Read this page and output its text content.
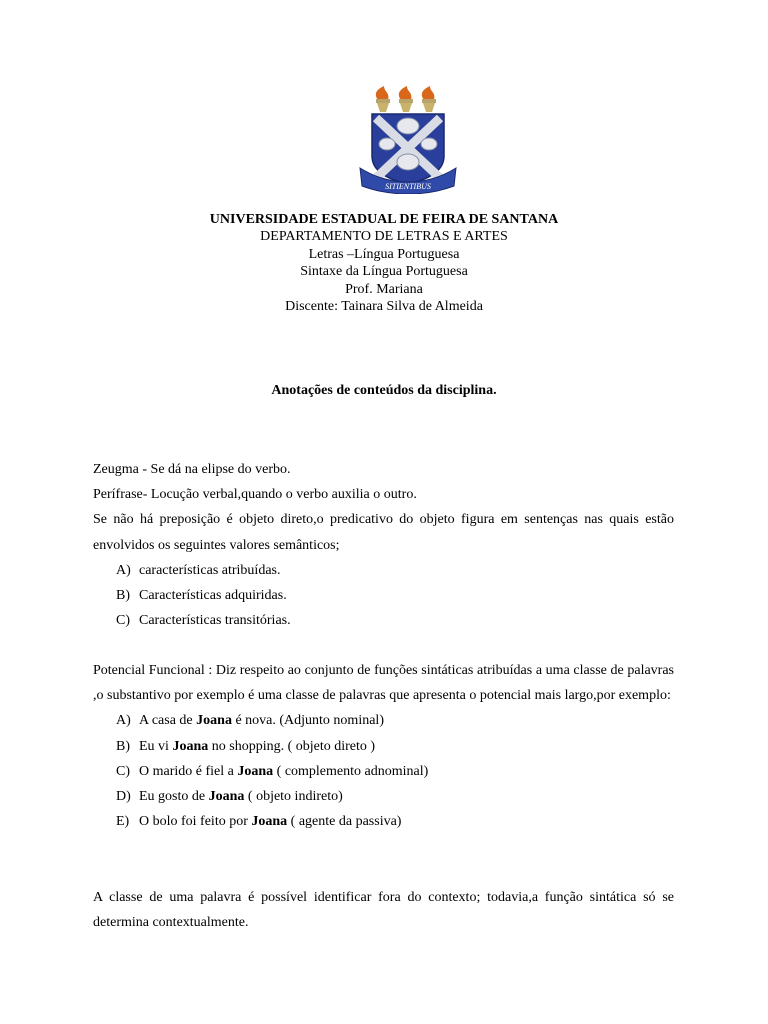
SITIENTIBUS
UNIVERSIDADE ESTADUAL DE FEIRA DE SANTANA
DEPARTAMENTO DE LETRAS E ARTES
Letras –Língua Portuguesa
Sintaxe da Língua Portuguesa
Prof. Mariana
Discente: Tainara Silva de Almeida
Anotações de conteúdos da disciplina.

Zeugma - Se dá na elipse do verbo.

Perífrase- Locução verbal,quando o verbo auxilia o outro.

Se não há preposição é objeto direto,o predicativo do objeto figura em sentenças nas quais estão envolvidos os seguintes valores semânticos;

A) características atribuídas.
B) Características adquiridas.
C) Características transitórias.

Potencial Funcional : Diz respeito ao conjunto de funções sintáticas atribuídas a uma classe de palavras ,o substantivo por exemplo é uma classe de palavras que apresenta o potencial mais largo,por exemplo:

A) A casa de Joana é nova. (Adjunto nominal)
B) Eu vi Joana no shopping. ( objeto direto )
C) O marido é fiel a Joana ( complemento adnominal)
D) Eu gosto de Joana ( objeto indireto)
E) O bolo foi feito por Joana ( agente da passiva)

A classe de uma palavra é possível identificar fora do contexto; todavia,a função sintática só se determina contextualmente.
